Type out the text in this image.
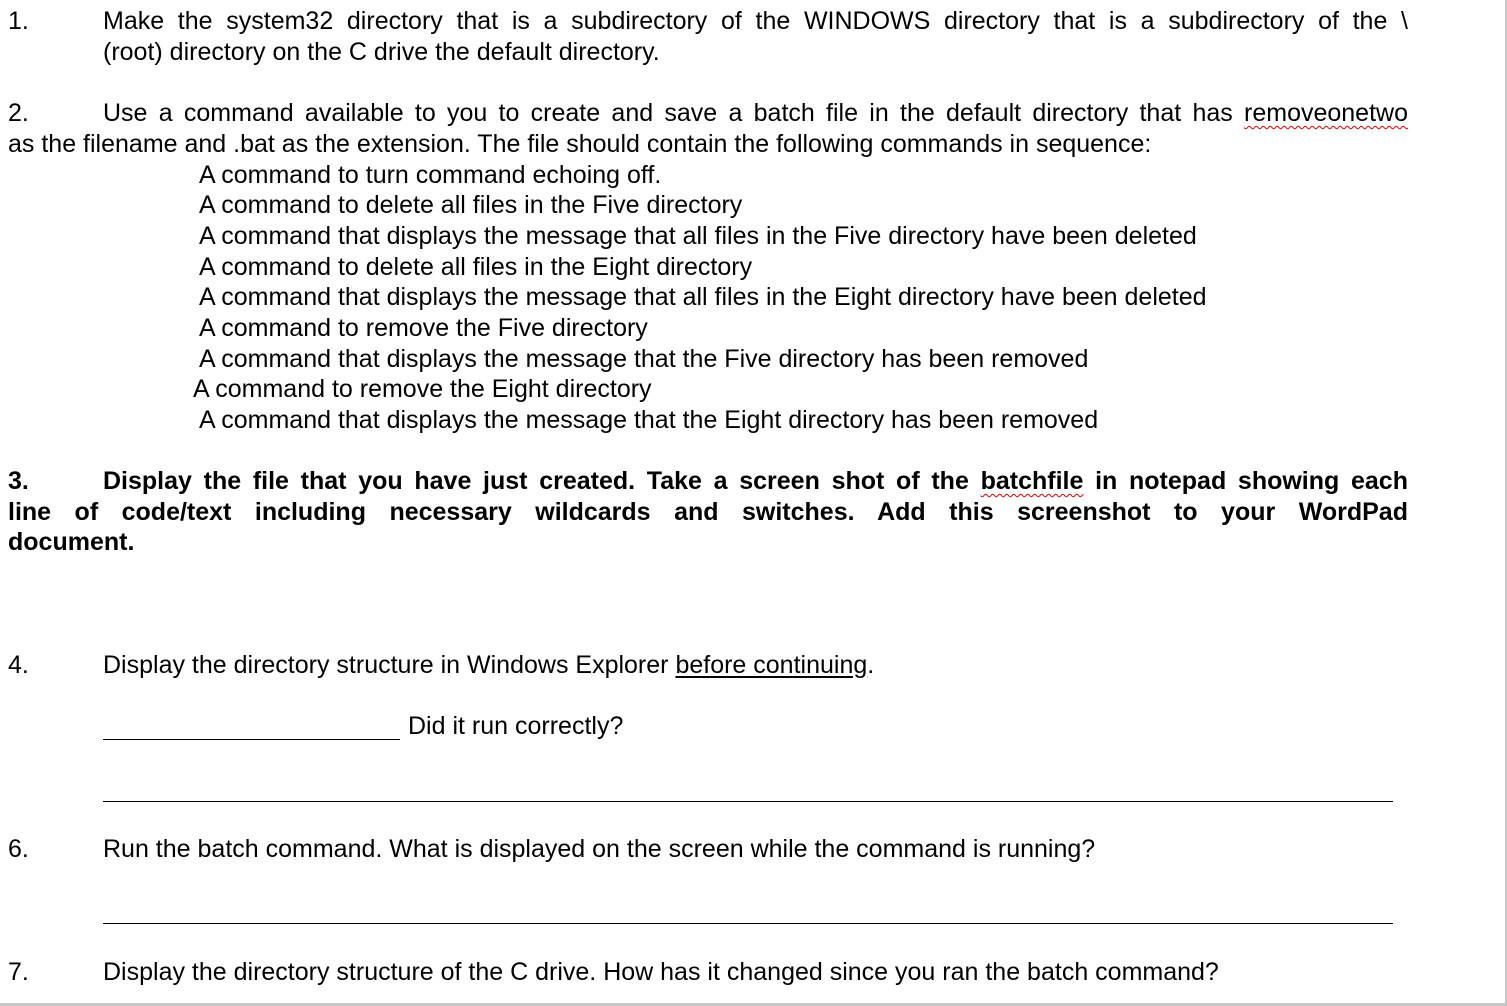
1.	Make the system32 directory that is a subdirectory of the WINDOWS directory that is a subdirectory of the \
(root) directory on the C drive the default directory.
2.	Use a command available to you to create and save a batch file in the default directory that has removeonetwo
as the filename and .bat as the extension. The file should contain the following commands in sequence:
A command to turn command echoing off.
A command to delete all files in the Five directory
A command that displays the message that all files in the Five directory have been deleted
A command to delete all files in the Eight directory
A command that displays the message that all files in the Eight directory have been deleted
A command to remove the Five directory
A command that displays the message that the Five directory has been removed
A command to remove the Eight directory
A command that displays the message that the Eight directory has been removed
3.	Display the file that you have just created. Take a screen shot of the batchfile in notepad showing each
line of code/text including necessary wildcards and switches. Add this screenshot to your WordPad
document.
4.	Display the directory structure in Windows Explorer before continuing.
Did it run correctly?
6.	Run the batch command. What is displayed on the screen while the command is running?
7.	Display the directory structure of the C drive. How has it changed since you ran the batch command?
